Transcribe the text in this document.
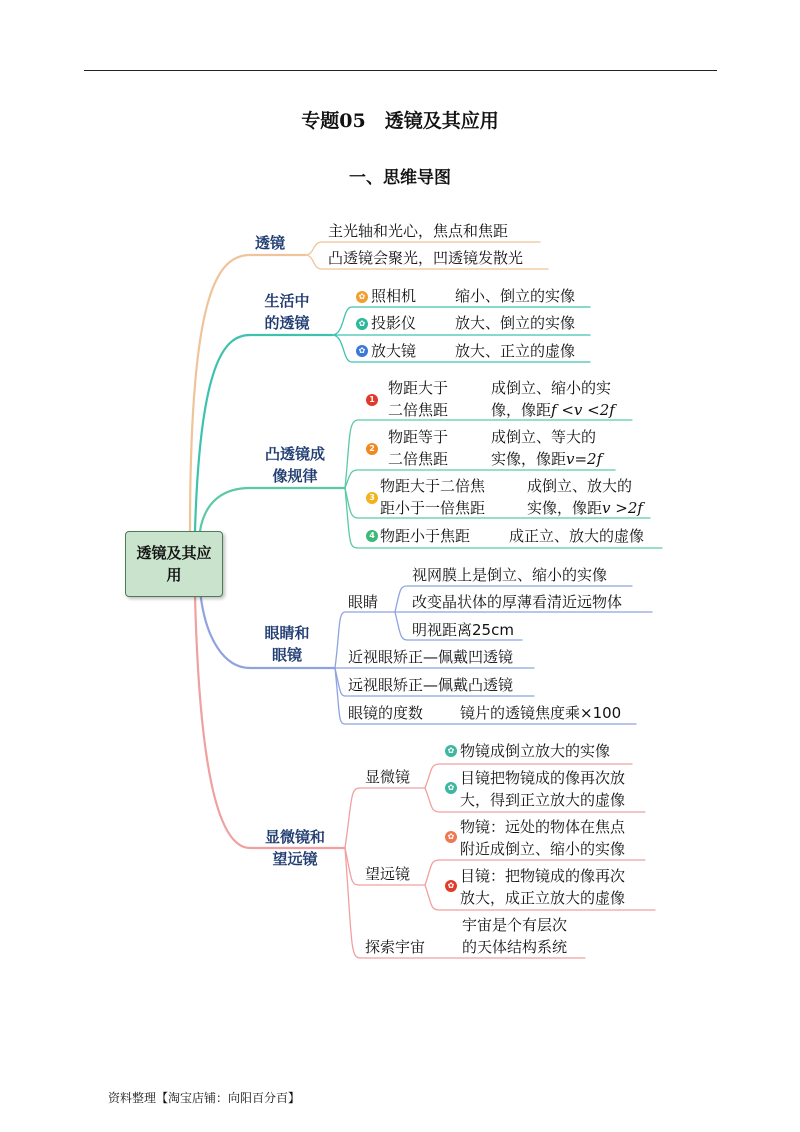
专题05　透镜及其应用
一、思维导图
透镜及其应用
透镜
主光轴和光心，焦点和焦距
凸透镜会聚光，凹透镜发散光
生活中
的透镜
✿ 照相机	缩小、倒立的实像
✿ 投影仪	放大、倒立的实像
✿ 放大镜	放大、正立的虚像
凸透镜成
像规律
1
物距大于
二倍焦距
成倒立、缩小的实
像，像距f <v <2f
2
物距等于
二倍焦距
成倒立、等大的
实像，像距v=2f
3
物距大于二倍焦
距小于一倍焦距
成倒立、放大的
实像，像距v >2f
4 物距小于焦距	成正立、放大的虚像
眼睛和
眼镜
眼睛
视网膜上是倒立、缩小的实像
改变晶状体的厚薄看清近远物体
明视距离25cm
近视眼矫正—佩戴凹透镜
远视眼矫正—佩戴凸透镜
眼镜的度数 镜片的透镜焦度乘×100
显微镜和
望远镜
显微镜
✿ 物镜成倒立放大的实像
✿
目镜把物镜成的像再次放
大，得到正立放大的虚像
望远镜
✿
物镜：远处的物体在焦点
附近成倒立、缩小的实像
✿
目镜：把物镜成的像再次
放大，成正立放大的虚像
探索宇宙
宇宙是个有层次
的天体结构系统
资料整理【淘宝店铺：向阳百分百】
